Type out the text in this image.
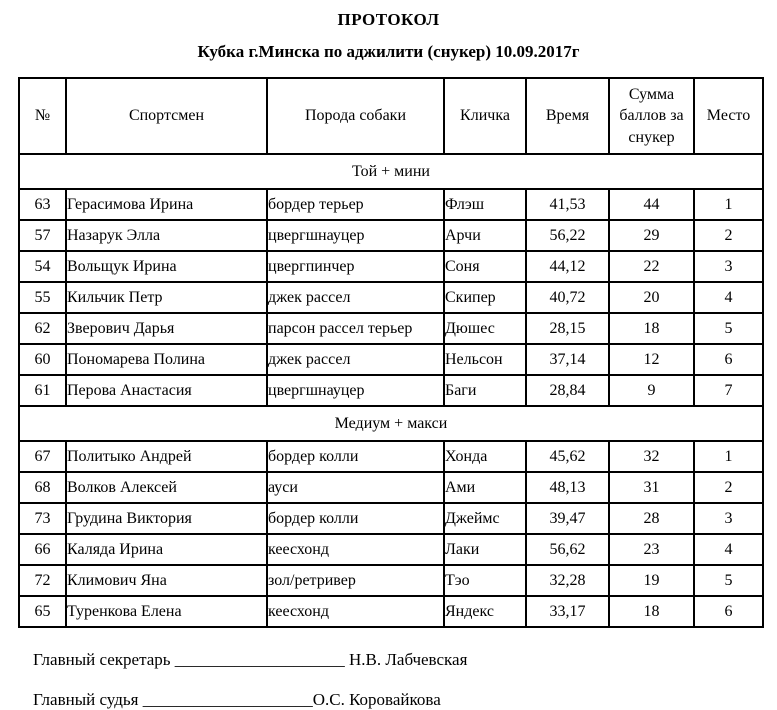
ПРОТОКОЛ
Кубка г.Минска по аджилити (снукер) 10.09.2017г
№	Спортсмен	Порода собаки	Кличка	Время	Сумма баллов за снукер	Место
Той + мини						
63	Герасимова Ирина	бордер терьер	Флэш	41,53	44	1
57	Назарук Элла	цвергшнауцер	Арчи	56,22	29	2
54	Вольщук Ирина	цвергпинчер	Соня	44,12	22	3
55	Кильчик Петр	джек рассел	Скипер	40,72	20	4
62	Зверович Дарья	парсон рассел терьер	Дюшес	28,15	18	5
60	Пономарева Полина	джек рассел	Нельсон	37,14	12	6
61	Перова Анастасия	цвергшнауцер	Баги	28,84	9	7
Медиум + макси						
67	Политыко Андрей	бордер колли	Хонда	45,62	32	1
68	Волков Алексей	ауси	Ами	48,13	31	2
73	Грудина Виктория	бордер колли	Джеймс	39,47	28	3
66	Каляда Ирина	кеесхонд	Лаки	56,62	23	4
72	Климович Яна	зол/ретривер	Тэо	32,28	19	5
65	Туренкова Елена	кеесхонд	Яндекс	33,17	18	6
Главный секретарь ____________________ Н.В. Лабчевская
Главный судья ____________________О.С. Коровайкова
